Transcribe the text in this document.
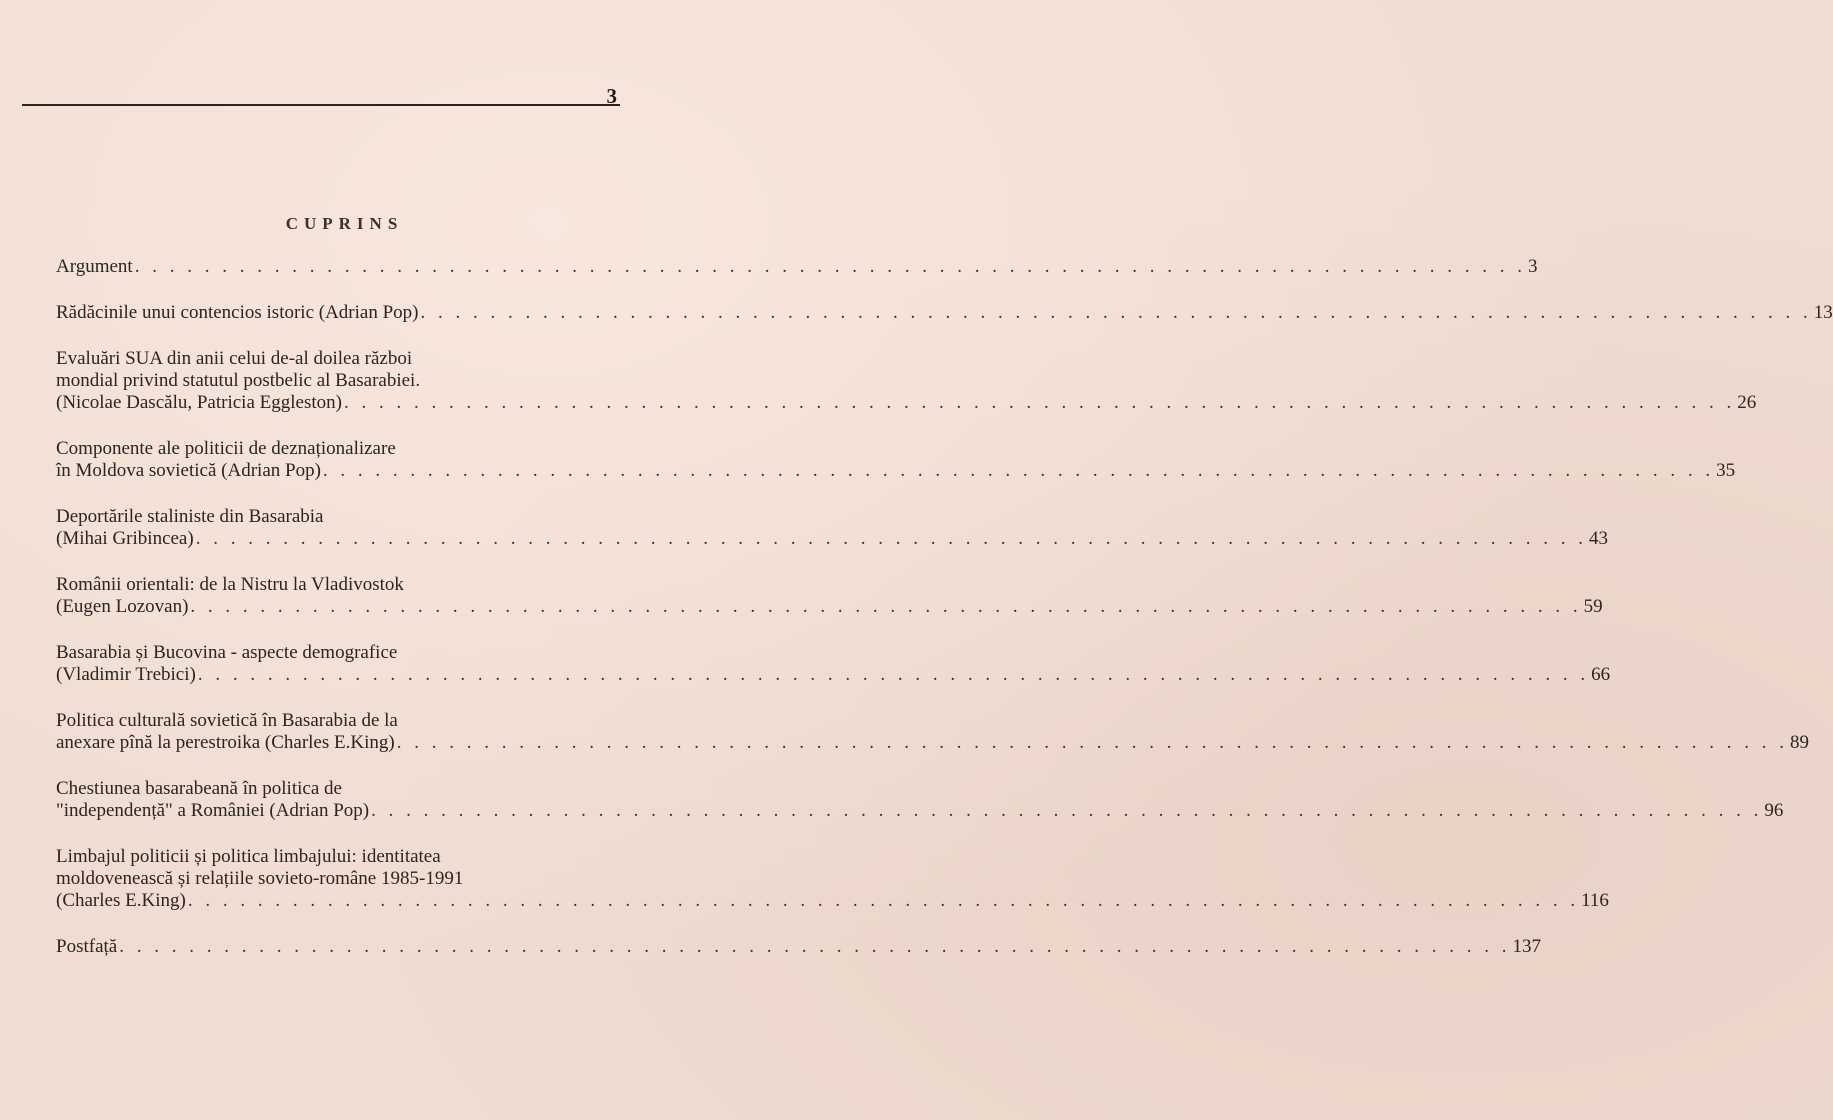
3
CUPRINS
Argument . . . . . . . . . . . . . . . . . . . . . . . . . . . . . . . . . . . . . . . . . . . . . . . . . . . . . . . . . . . . . . . . . . . . . . . . . . . . . . . . 3
Rădăcinile unui contencios istoric (Adrian Pop) . . . . . . . . . . . . . . . . . . . . . . . . . . . . . . . . . . . . . . . . . . . . . . . . . . . . . . . . . . . . . . . . . . . . . . . . . . . . . . . . 13
Evaluări SUA din anii celui de-al doilea război
mondial privind statutul postbelic al Basarabiei.
(Nicolae Dascălu, Patricia Eggleston) . . . . . . . . . . . . . . . . . . . . . . . . . . . . . . . . . . . . . . . . . . . . . . . . . . . . . . . . . . . . . . . . . . . . . . . . . . . . . . . . 26
Componente ale politicii de deznaționalizare
în Moldova sovietică (Adrian Pop) . . . . . . . . . . . . . . . . . . . . . . . . . . . . . . . . . . . . . . . . . . . . . . . . . . . . . . . . . . . . . . . . . . . . . . . . . . . . . . . . 35
Deportările staliniste din Basarabia
(Mihai Gribincea) . . . . . . . . . . . . . . . . . . . . . . . . . . . . . . . . . . . . . . . . . . . . . . . . . . . . . . . . . . . . . . . . . . . . . . . . . . . . . . . . 43
Românii orientali: de la Nistru la Vladivostok
(Eugen Lozovan) . . . . . . . . . . . . . . . . . . . . . . . . . . . . . . . . . . . . . . . . . . . . . . . . . . . . . . . . . . . . . . . . . . . . . . . . . . . . . . . . 59
Basarabia și Bucovina - aspecte demografice
(Vladimir Trebici) . . . . . . . . . . . . . . . . . . . . . . . . . . . . . . . . . . . . . . . . . . . . . . . . . . . . . . . . . . . . . . . . . . . . . . . . . . . . . . . . 66
Politica culturală sovietică în Basarabia de la
anexare pînă la perestroika (Charles E.King) . . . . . . . . . . . . . . . . . . . . . . . . . . . . . . . . . . . . . . . . . . . . . . . . . . . . . . . . . . . . . . . . . . . . . . . . . . . . . . . . 89
Chestiunea basarabeană în politica de
"independență" a României (Adrian Pop) . . . . . . . . . . . . . . . . . . . . . . . . . . . . . . . . . . . . . . . . . . . . . . . . . . . . . . . . . . . . . . . . . . . . . . . . . . . . . . . . 96
Limbajul politicii și politica limbajului: identitatea
moldovenească și relațiile sovieto-române 1985-1991
(Charles E.King) . . . . . . . . . . . . . . . . . . . . . . . . . . . . . . . . . . . . . . . . . . . . . . . . . . . . . . . . . . . . . . . . . . . . . . . . . . . . . . . . 116
Postfață . . . . . . . . . . . . . . . . . . . . . . . . . . . . . . . . . . . . . . . . . . . . . . . . . . . . . . . . . . . . . . . . . . . . . . . . . . . . . . . . 137
